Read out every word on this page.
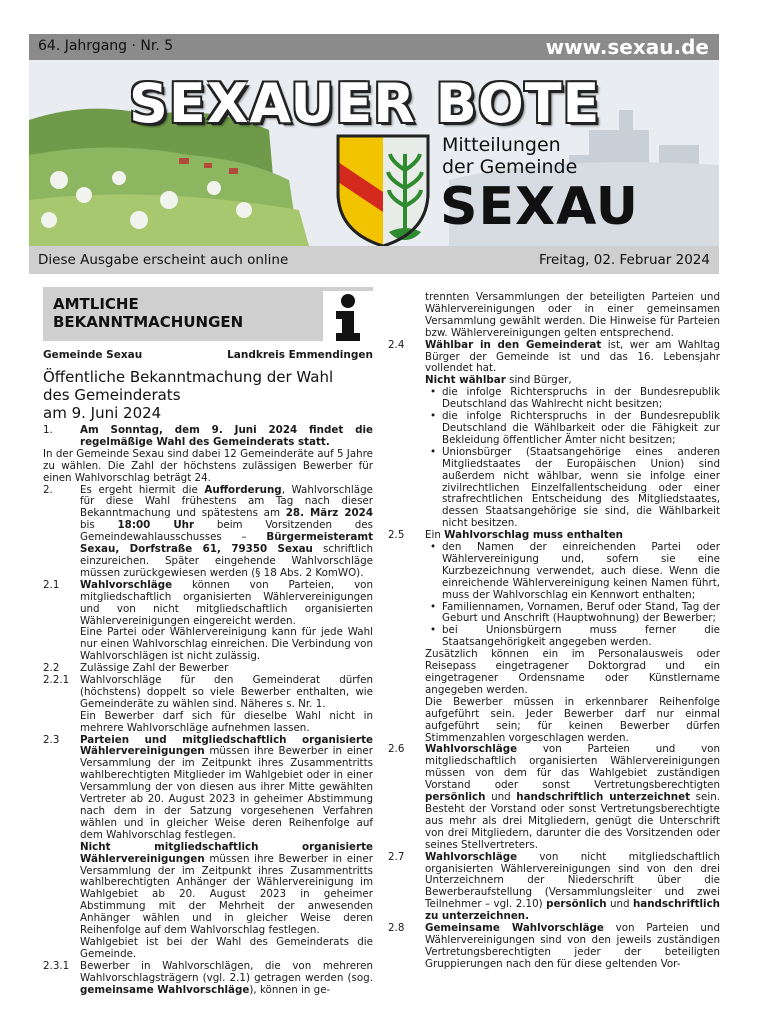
64. Jahrgang · Nr. 5	www.sexau.de
SEXAUER BOTE
Mitteilungen
der Gemeinde
SEXAU
Diese Ausgabe erscheint auch online	Freitag, 02. Februar 2024
AMTLICHE
BEKANNTMACHUNGEN
Gemeinde Sexau	Landkreis Emmendingen
Öffentliche Bekanntmachung der Wahl
des Gemeinderats
am 9. Juni 2024

1.	Am Sonntag, dem 9. Juni 2024 findet die regelmäßige Wahl des Gemeinderats statt.

In der Gemeinde Sexau sind dabei 12 Gemeinderäte auf 5 Jahre zu wählen. Die Zahl der höchstens zulässigen Bewerber für einen Wahlvorschlag beträgt 24.

2.	Es ergeht hiermit die Aufforderung, Wahlvorschläge für diese Wahl frühestens am Tag nach dieser Bekanntmachung und spätestens am 28. März 2024 bis 18:00 Uhr beim Vorsitzenden des Gemeindewahlausschusses – Bürgermeisteramt Sexau, Dorfstraße 61, 79350 Sexau schriftlich einzureichen. Später eingehende Wahlvorschläge müssen zurückgewiesen werden (§ 18 Abs. 2 KomWO).

2.1 Wahlvorschläge können von Parteien, von mitgliedschaftlich organisierten Wählervereinigungen und von nicht mitgliedschaftlich organisierten Wählervereinigungen eingereicht werden.

Eine Partei oder Wählervereinigung kann für jede Wahl nur einen Wahlvorschlag einreichen. Die Verbindung von Wahlvorschlägen ist nicht zulässig.

2.2 Zulässige Zahl der Bewerber

2.2.1 Wahlvorschläge für den Gemeinderat dürfen (höchstens) doppelt so viele Bewerber enthalten, wie Gemeinderäte zu wählen sind. Näheres s. Nr. 1.

Ein Bewerber darf sich für dieselbe Wahl nicht in mehrere Wahlvorschläge aufnehmen lassen.

2.3 Parteien und mitgliedschaftlich organisierte Wählervereinigungen müssen ihre Bewerber in einer Versammlung der im Zeitpunkt ihres Zusammentritts wahlberechtigten Mitglieder im Wahlgebiet oder in einer Versammlung der von diesen aus ihrer Mitte gewählten Vertreter ab 20. August 2023 in geheimer Abstimmung nach dem in der Satzung vorgesehenen Verfahren wählen und in gleicher Weise deren Reihenfolge auf dem Wahlvorschlag festlegen.

Nicht mitgliedschaftlich organisierte Wählervereinigungen müssen ihre Bewerber in einer Versammlung der im Zeitpunkt ihres Zusammentritts wahlberechtigten Anhänger der Wählervereinigung im Wahlgebiet ab 20. August 2023 in geheimer Abstimmung mit der Mehrheit der anwesenden Anhänger wählen und in gleicher Weise deren Reihenfolge auf dem Wahlvorschlag festlegen.

Wahlgebiet ist bei der Wahl des Gemeinderats die Gemeinde.

2.3.1 Bewerber in Wahlvorschlägen, die von mehreren Wahlvorschlagsträgern (vgl. 2.1) getragen werden (sog. gemeinsame Wahlvorschläge), können in ge-

trennten Versammlungen der beteiligten Parteien und Wählervereinigungen oder in einer gemeinsamen Versammlung gewählt werden. Die Hinweise für Parteien bzw. Wählervereinigungen gelten entsprechend.

2.4 Wählbar in den Gemeinderat ist, wer am Wahltag Bürger der Gemeinde ist und das 16. Lebensjahr vollendet hat.

Nicht wählbar sind Bürger,

• die infolge Richterspruchs in der Bundesrepublik Deutschland das Wahlrecht nicht besitzen;

• die infolge Richterspruchs in der Bundesrepublik Deutschland die Wählbarkeit oder die Fähigkeit zur Bekleidung öffentlicher Ämter nicht besitzen;

• Unionsbürger (Staatsangehörige eines anderen Mitgliedstaates der Europäischen Union) sind außerdem nicht wählbar, wenn sie infolge einer zivilrechtlichen Einzelfallentscheidung oder einer strafrechtlichen Entscheidung des Mitgliedstaates, dessen Staatsangehörige sie sind, die Wählbarkeit nicht besitzen.

2.5 Ein Wahlvorschlag muss enthalten

• den Namen der einreichenden Partei oder Wählervereinigung und, sofern sie eine Kurzbezeichnung verwendet, auch diese. Wenn die einreichende Wählervereinigung keinen Namen führt, muss der Wahlvorschlag ein Kennwort enthalten;

• Familiennamen, Vornamen, Beruf oder Stand, Tag der Geburt und Anschrift (Hauptwohnung) der Bewerber;

• bei Unionsbürgern muss ferner die Staatsangehörigkeit angegeben werden.

Zusätzlich können ein im Personalausweis oder Reisepass eingetragener Doktorgrad und ein eingetragener Ordensname oder Künstlername angegeben werden.

Die Bewerber müssen in erkennbarer Reihenfolge aufgeführt sein. Jeder Bewerber darf nur einmal aufgeführt sein; für keinen Bewerber dürfen Stimmenzahlen vorgeschlagen werden.

2.6 Wahlvorschläge von Parteien und von mitgliedschaftlich organisierten Wählervereinigungen müssen von dem für das Wahlgebiet zuständigen Vorstand oder sonst Vertretungsberechtigten persönlich und handschriftlich unterzeichnet sein. Besteht der Vorstand oder sonst Vertretungsberechtigte aus mehr als drei Mitgliedern, genügt die Unterschrift von drei Mitgliedern, darunter die des Vorsitzenden oder seines Stellvertreters.

2.7 Wahlvorschläge von nicht mitgliedschaftlich organisierten Wählervereinigungen sind von den drei Unterzeichnern der Niederschrift über die Bewerberaufstellung (Versammlungsleiter und zwei Teilnehmer – vgl. 2.10) persönlich und handschriftlich zu unterzeichnen.

2.8 Gemeinsame Wahlvorschläge von Parteien und Wählervereinigungen sind von den jeweils zuständigen Vertretungsberechtigten jeder der beteiligten Gruppierungen nach den für diese geltenden Vor-
